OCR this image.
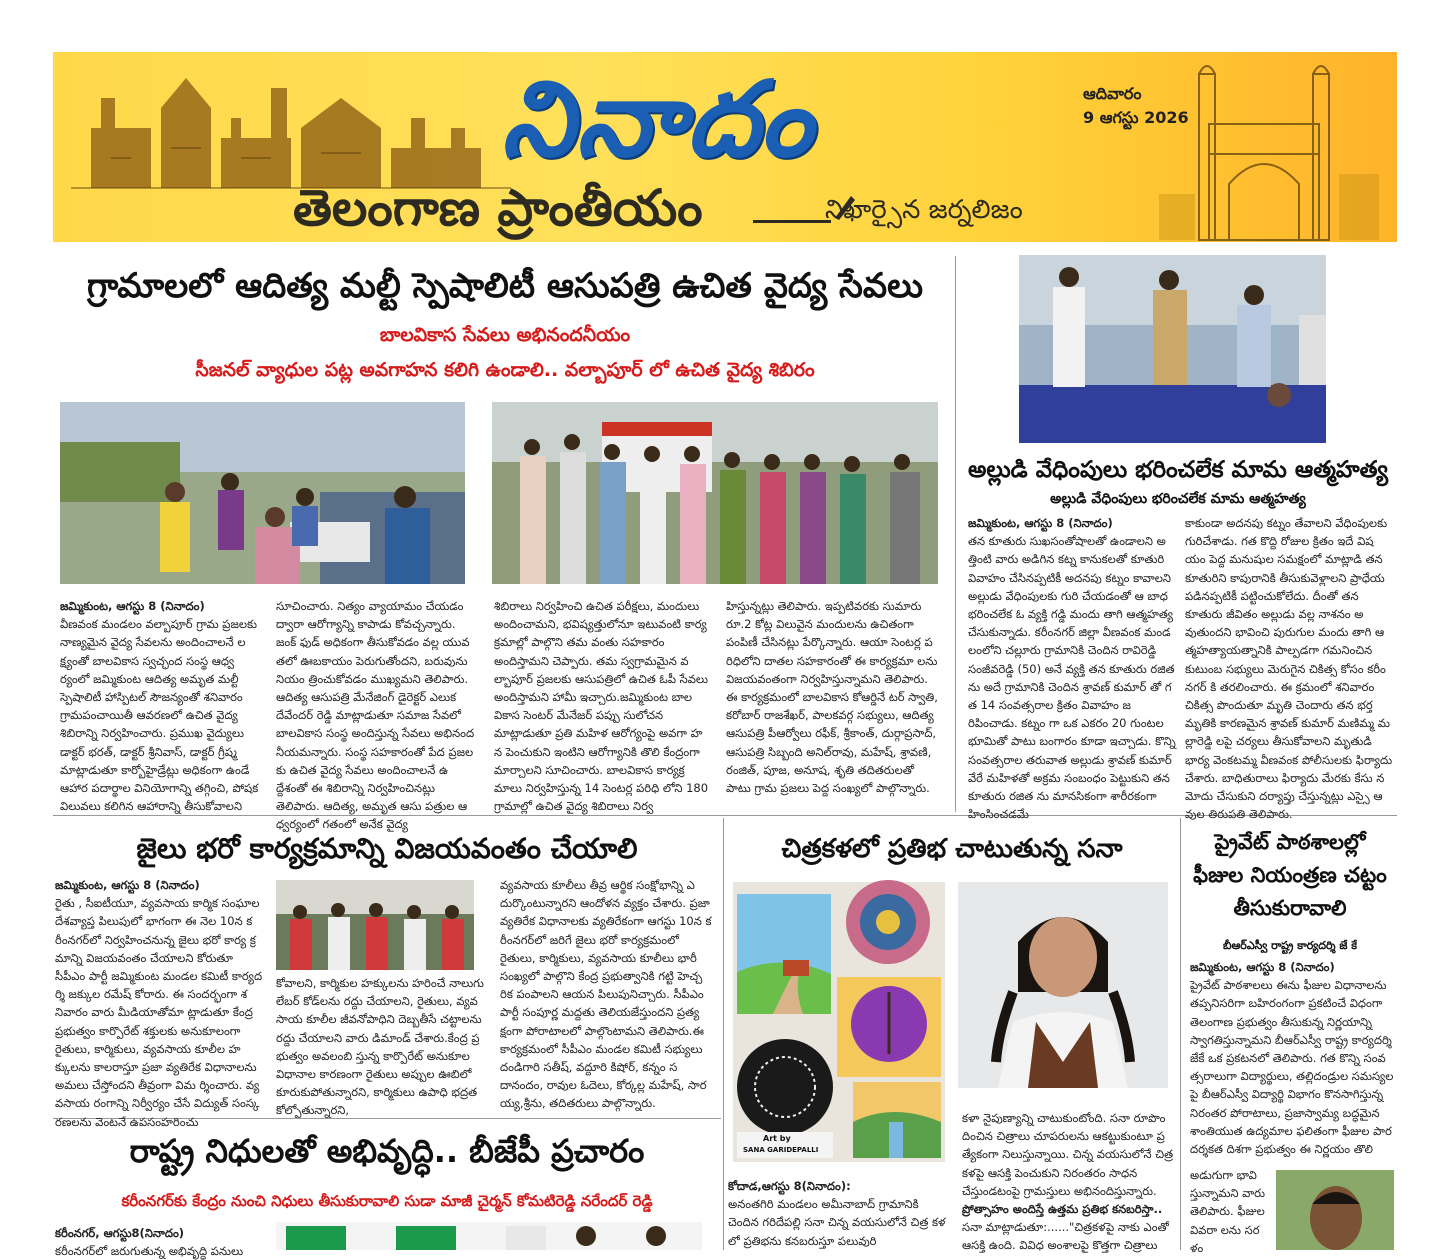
నినాదం
తెలంగాణ ప్రాంతీయం	నిఖార్సైన జర్నలిజం
ఆదివారం
9 ఆగస్టు 2026
గ్రామాలలో ఆదిత్య మల్టీ స్పెషాలిటీ ఆసుపత్రి ఉచిత వైద్య సేవలు
బాలవికాస సేవలు అభినందనీయం
సీజనల్ వ్యాధుల పట్ల అవగాహన కలిగి ఉండాలి.. వల్బాపూర్ లో ఉచిత వైద్య శిబిరం
జమ్మికుంట, ఆగస్టు 8 (నినాదం)
వీణవంక మండలం వల్బాపూర్ గ్రామ ప్రజలకు నాణ్యమైన వైద్య సేవలను అందించాలనే లక్ష్యంతో బాలవికాస స్వచ్ఛంద సంస్థ ఆధ్వర్యంలో జమ్మికుంట ఆదిత్య అమృత మల్టీ స్పెషాలిటీ హాస్పిటల్ సౌజన్యంతో శనివారం గ్రామపంచాయితీ ఆవరణలో ఉచిత వైద్య శిబిరాన్ని నిర్వహించారు. ప్రముఖ వైద్యులు డాక్టర్ భరత్, డాక్టర్ శ్రీనివాస్, డాక్టర్ గ్రీష్మ మాట్లాడుతూ కార్బోహైడ్రేట్లు అధికంగా ఉండే ఆహార పదార్థాల వినియోగాన్ని తగ్గించి, పోషక విలువలు కలిగిన ఆహారాన్ని తీసుకోవాలని
సూచించారు. నిత్యం వ్యాయామం చేయడం ద్వారా ఆరోగ్యాన్ని కాపాడు కోవచ్చన్నారు. జంక్ ఫుడ్ అధికంగా తీసుకోవడం వల్ల యువతలో ఊబకాయం పెరుగుతోందని, బరువును నియం త్రించుకోవడం ముఖ్యమని తెలిపారు. ఆదిత్య ఆసుపత్రి మేనేజింగ్ డైరెక్టర్ ఎలుక దేవేందర్ రెడ్డి మాట్లాడుతూ సమాజ సేవలో బాలవికాస సంస్థ అందిస్తున్న సేవలు అభినందనీయమన్నారు. సంస్థ సహకారంతో పేద ప్రజలకు ఉచిత వైద్య సేవలు అందించాలనే ఉద్దేశంతో ఈ శిబిరాన్ని నిర్వహించినట్లు తెలిపారు. ఆదిత్య, అమృత ఆసు పత్రుల ఆధ్వర్యంలో గతంలో అనేక వైద్య
శిబిరాలు నిర్వహించి ఉచిత పరీక్షలు, మందులు అందించామని, భవిష్యత్తులోనూ ఇటువంటి కార్యక్రమాల్లో పాల్గొని తమ వంతు సహకారం అందిస్తామని చెప్పారు. తమ స్వగ్రామమైన వల్బాపూర్ ప్రజలకు ఆసుపత్రిలో ఉచిత ఓపీ సేవలు అందిస్తామని హామీ ఇచ్చారు.జమ్మికుంట బాలవికాస సెంటర్ మేనేజర్ పప్పు సులోచన మాట్లాడుతూ ప్రతి మహిళ ఆరోగ్యంపై అవగా హన పెంచుకుని ఇంటిని ఆరోగ్యానికి తొలి కేంద్రంగా మార్చాలని సూచించారు. బాలవికాస కార్యక్రమాలు నిర్వహిస్తున్న 14 సెంటర్ల పరిధి లోని 180 గ్రామాల్లో ఉచిత వైద్య శిబిరాలు నిర్వ
హిస్తున్నట్లు తెలిపారు. ఇప్పటివరకు సుమారు రూ.2 కోట్ల విలువైన మందులను ఉచితంగా పంపిణీ చేసినట్లు పేర్కొన్నారు. ఆయా సెంటర్ల పరిధిలోని దాతల సహకారంతో ఈ కార్యక్రమా లను విజయవంతంగా నిర్వహిస్తున్నామని తెలిపారు.ఈ కార్యక్రమంలో బాలవికాస కోఆర్డినే టర్ స్వాతి, కరోబార్ రాజశేఖర్, పాలకవర్గ సభ్యులు, ఆదిత్య ఆసుపత్రి పీఆర్వోలు రఫీక్, శ్రీకాంత్, దుర్గాప్రసాద్, ఆసుపత్రి సిబ్బంది అనిల్‌రావు, మహేష్, శ్రావణి, రంజిత్, పూజ, అనూష, శృతి తదితరులతో పాటు గ్రామ ప్రజలు పెద్ద సంఖ్యలో పాల్గొన్నారు.
అల్లుడి వేధింపులు భరించలేక మామ ఆత్మహత్య
అల్లుడి వేధింపులు భరించలేక మామ ఆత్మహత్య
జమ్మికుంట, ఆగస్టు 8 (నినాదం)
తన కూతురు సుఖసంతోషాలతో ఉండాలని అత్తింటి వారు అడిగిన కట్న కానుకలతో కూతురి వివాహం చేసినప్పటికీ అదనపు కట్నం కావాలని అల్లుడు వేధింపులకు గురి చేయడంతో ఆ బాధ భరించలేక ఓ వ్యక్తి గడ్డి మందు తాగి ఆత్మహత్య చేసుకున్నాడు. కరీంనగర్ జిల్లా వీణవంక మండలంలోని చల్లూరు గ్రామానికి చెందిన రావిరెడ్డి సంజీవరెడ్డి (50) అనే వ్యక్తి తన కూతురు రజితను అదే గ్రామానికి చెందిన శ్రావణ్ కుమార్ తో గత 14 సంవత్సరాల క్రితం వివాహం జరిపించాడు. కట్నం గా ఒక ఎకరం 20 గుంటల భూమితో పాటు బంగారం కూడా ఇచ్చాడు. కొన్ని సంవత్సరాల తరువాత అల్లుడు శ్రావణ్ కుమార్ వేరే మహిళతో అక్రమ సంబంధం పెట్టుకుని తన కూతురు రజిత ను మానసికంగా శారీరకంగా హింసించడమే
కాకుండా అదనపు కట్నం తేవాలని వేధింపులకు గురిచేశాడు. గత కొద్ది రోజుల క్రితం ఇదే విషయం పెద్ద మనుషుల సమక్షంలో మాట్లాడి తన కూతురిని కాపురానికి తీసుకువెళ్లాలని ప్రాధేయ పడినప్పటికీ పట్టించుకోలేదు. దీంతో తన కూతురు జీవితం అల్లుడు వల్ల నాశనం అవుతుందని భావించి పురుగుల మందు తాగి ఆత్మహత్యాయత్నానికి పాల్పడగా గమనించిన కుటుంబ సభ్యులు మెరుగైన చికిత్స కోసం కరీం నగర్ కి తరలించారు. ఈ క్రమంలో శనివారం చికిత్స పొందుతూ మృతి చెందారు తన భర్త మృతికి కారణమైన శ్రావణ్ కుమార్ మణిమ్మ మల్లారెడ్డి లపై చర్యలు తీసుకోవాలని మృతుడి భార్య వెంకటమ్మ వీణవంక పోలీసులకు ఫిర్యాదు చేశారు. బాధితురాలు ఫిర్యాదు మేరకు కేసు నమోదు చేసుకుని దర్యాప్తు చేస్తున్నట్లు ఎస్సై ఆవుల తిరుపతి తెలిపారు.
జైలు భరో కార్యక్రమాన్ని విజయవంతం చేయాలి
జమ్మికుంట, ఆగస్టు 8 (నినాదం)
రైతు , సీఐటీయూ, వ్యవసాయ కార్మిక సంఘాల దేశవ్యాప్త పిలుపులో భాగంగా ఈ నెల 10న కరీంనగర్‌లో నిర్వహించనున్న జైలు భరో కార్య క్రమాన్ని విజయవంతం చేయాలని కోరుతూ సీపీఎం పార్టీ జమ్మికుంట మండల కమిటీ కార్యదర్శి జక్కుల రమేష్ కోరారు. ఈ సందర్భంగా శనివారం వారు మీడియాతోమా ట్లాడుతూ కేంద్ర ప్రభుత్వం కార్పొరేట్ శక్తులకు అనుకూలంగా రైతులు, కార్మికులు, వ్యవసాయ కూలీల హక్కులను కాలరాస్తూ ప్రజా వ్యతిరేక విధానాలను అమలు చేస్తోందని తీవ్రంగా విమ ర్శించారు. వ్యవసాయ రంగాన్ని నిర్వీర్యం చేసే విద్యుత్ సంస్కరణలను వెంటనే ఉపసంహరించు
కోవాలని, కార్మికుల హక్కులను హరించే నాలుగు లేబర్ కోడ్‌లను రద్దు చేయాలని, రైతులు, వ్యవసాయ కూలీల జీవనోపాధిని దెబ్బతీసే చట్టాలను రద్దు చేయాలని వారు డిమాండ్ చేశారు.కేంద్ర ప్రభుత్వం అవలంబి స్తున్న కార్పొరేట్ అనుకూల విధానాల కారణంగా రైతులు అప్పుల ఊబిలో కూరుకుపోతున్నారని, కార్మికులు ఉపాధి భద్రత కోల్పోతున్నారని,
వ్యవసాయ కూలీలు తీవ్ర ఆర్థిక సంక్షోభాన్ని ఎదుర్కొంటున్నారని ఆందోళన వ్యక్తం చేశారు. ప్రజా వ్యతిరేక విధానాలకు వ్యతిరేకంగా ఆగస్టు 10న కరీంనగర్‌లో జరిగే జైలు భరో కార్యక్రమంలో రైతులు, కార్మికులు, వ్యవసాయ కూలీలు భారీ సంఖ్యలో పాల్గొని కేంద్ర ప్రభుత్వానికి గట్టి హెచ్చరిక పంపాలని ఆయన పిలుపునిచ్చారు. సీపీఎం పార్టీ సంపూర్ణ మద్దతు తెలియజేస్తుందని ప్రత్యక్షంగా పోరాటాలలో పాల్గొంటామని తెలిపారు.ఈ కార్యక్రమంలో సీపీఎం మండల కమిటీ సభ్యులు దండిగారి సతీష్, వద్దూరి కిషోర్, కన్నం సదానందం, రావుల ఓదెలు, కోర్కల్ల మహేష్, సారయ్య,శ్రీను, తదితరులు పాల్గొన్నారు.
చిత్రకళలో ప్రతిభ చాటుతున్న సనా
Art by
SANA GARIDEPALLI
కోదాడ,ఆగస్టు 8(నినాదం):
అనంతగిరి మండలం అమీనాబాద్ గ్రామానికి చెందిన గరిదేపల్లి సనా చిన్న వయసులోనే చిత్ర కళలో ప్రతిభను కనబరుస్తూ పలువురి
కళా నైపుణ్యాన్ని చాటుకుంటోంది. సనా రూపొం దించిన చిత్రాలు చూపరులను ఆకట్టుకుంటూ ప్రత్యేకంగా నిలుస్తున్నాయి. చిన్న వయసులోనే చిత్రకళపై ఆసక్తి పెంచుకుని నిరంతరం సాధన చేస్తుండటంపై గ్రామస్తులు అభినందిస్తున్నారు.
ప్రోత్సాహం అందిస్తే ఉత్తమ ప్రతిభ కనబరిస్తా..
సనా మాట్లాడుతూ:......"చిత్రకళపై నాకు ఎంతో ఆసక్తి ఉంది. వివిధ అంశాలపై కొత్తగా చిత్రాలు
ప్రైవేట్ పాఠశాలల్లో ఫీజుల నియంత్రణ చట్టం తీసుకురావాలి
బీఆర్ఎస్వీ రాష్ట్ర కార్యదర్శి జే కే
జమ్మికుంట, ఆగస్టు 8 (నినాదం)
ప్రైవేట్ పాఠశాలలు ఈను ఫీజుల విధానాలను తప్పనిసరిగా బహిరంగంగా ప్రకటించే విధంగా తెలంగాణ ప్రభుత్వం తీసుకున్న నిర్ణయాన్ని స్వాగతిస్తున్నామని బీఆర్ఎస్వీ రాష్ట్ర కార్యదర్శి జేకే ఒక ప్రకటనలో తెలిపారు. గత కొన్ని సంవత్సరాలుగా విద్యార్థులు, తల్లిదండ్రుల సమస్యలపై బీఆర్ఎస్వీ విద్యార్థి విభాగం కొనసాగిస్తున్న నిరంతర పోరాటాలు, ప్రజాస్వామ్య బద్ధమైన శాంతియుత ఉద్యమాల ఫలితంగా ఫీజుల పారదర్శకత దిశగా ప్రభుత్వం ఈ నిర్ణయం తొలి
అడుగుగా భావి స్తున్నామని వారు తెలిపారు. ఫీజుల వివరా లను సరళం
రాష్ట్ర నిధులతో అభివృద్ధి.. బీజేపీ ప్రచారం
కరీంనగర్‌కు కేంద్రం నుంచి నిధులు తీసుకురావాలి సుడా మాజీ చైర్మన్ కోమటిరెడ్డి నరేందర్ రెడ్డి
కరీంనగర్, ఆగస్టు8(నినాదం)
కరీంనగర్‌లో జరుగుతున్న అభివృద్ధి పనులు
